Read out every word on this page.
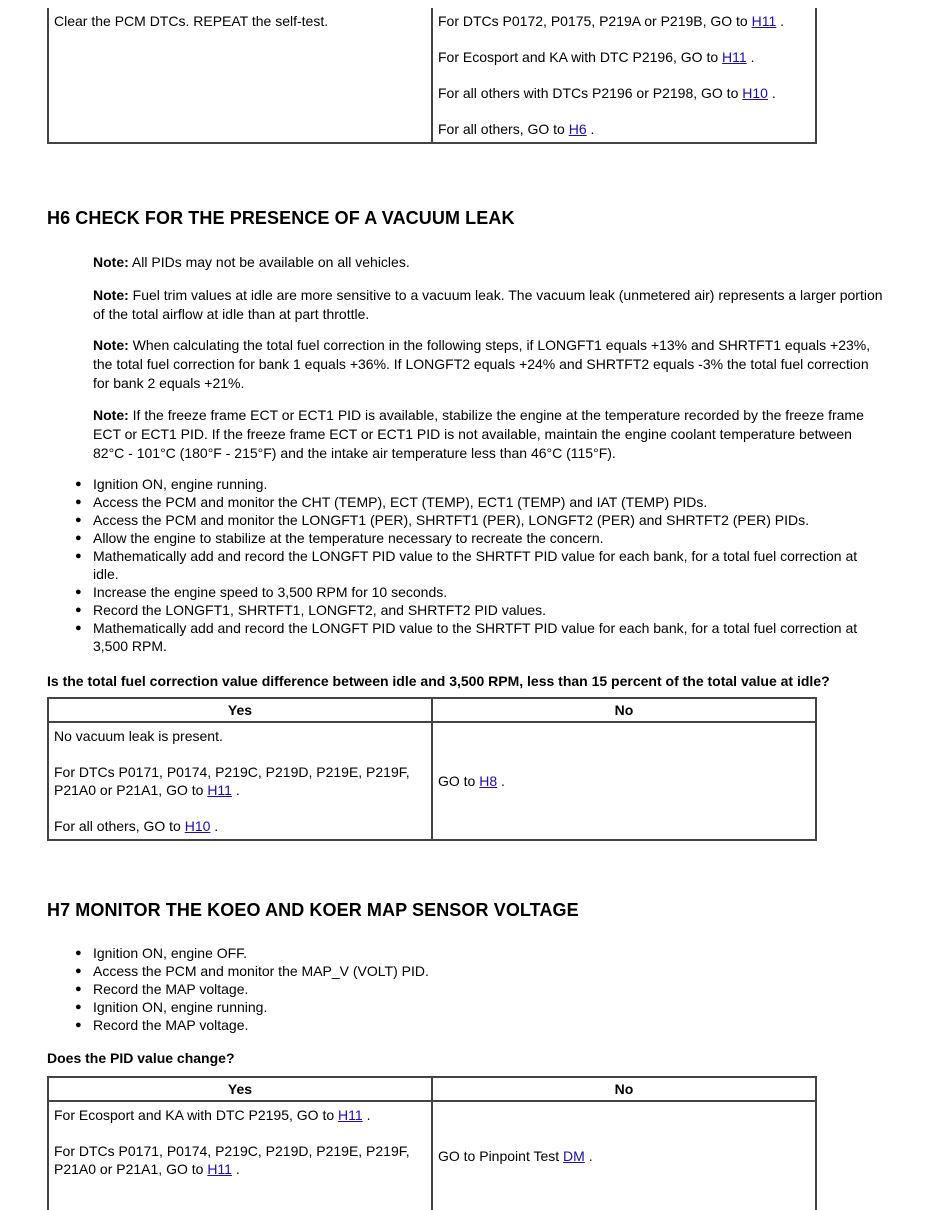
Clear the PCM DTCs. REPEAT the self-test.	For DTCs P0172, P0175, P219A or P219B, GO to H11 .

For Ecosport and KA with DTC P2196, GO to H11 .

For all others with DTCs P2196 or P2198, GO to H10 .

For all others, GO to H6 .

H6 CHECK FOR THE PRESENCE OF A VACUUM LEAK

Note: All PIDs may not be available on all vehicles.

Note: Fuel trim values at idle are more sensitive to a vacuum leak. The vacuum leak (unmetered air) represents a larger portion of the total airflow at idle than at part throttle.

Note: When calculating the total fuel correction in the following steps, if LONGFT1 equals +13% and SHRTFT1 equals +23%, the total fuel correction for bank 1 equals +36%. If LONGFT2 equals +24% and SHRTFT2 equals -3% the total fuel correction for bank 2 equals +21%.

Note: If the freeze frame ECT or ECT1 PID is available, stabilize the engine at the temperature recorded by the freeze frame ECT or ECT1 PID. If the freeze frame ECT or ECT1 PID is not available, maintain the engine coolant temperature between 82°C - 101°C (180°F - 215°F) and the intake air temperature less than 46°C (115°F).

● Ignition ON, engine running.
● Access the PCM and monitor the CHT (TEMP), ECT (TEMP), ECT1 (TEMP) and IAT (TEMP) PIDs.
● Access the PCM and monitor the LONGFT1 (PER), SHRTFT1 (PER), LONGFT2 (PER) and SHRTFT2 (PER) PIDs.
● Allow the engine to stabilize at the temperature necessary to recreate the concern.
● Mathematically add and record the LONGFT PID value to the SHRTFT PID value for each bank, for a total fuel correction at idle.
● Increase the engine speed to 3,500 RPM for 10 seconds.
● Record the LONGFT1, SHRTFT1, LONGFT2, and SHRTFT2 PID values.
● Mathematically add and record the LONGFT PID value to the SHRTFT PID value for each bank, for a total fuel correction at 3,500 RPM.

Is the total fuel correction value difference between idle and 3,500 RPM, less than 15 percent of the total value at idle?

Yes	No

No vacuum leak is present.

For DTCs P0171, P0174, P219C, P219D, P219E, P219F, P21A0 or P21A1, GO to H11 .

For all others, GO to H10 .	GO to H8 .
H7 MONITOR THE KOEO AND KOER MAP SENSOR VOLTAGE
● Ignition ON, engine OFF.
● Access the PCM and monitor the MAP_V (VOLT) PID.
● Record the MAP voltage.
● Ignition ON, engine running.
● Record the MAP voltage.

Does the PID value change?

Yes	No

For Ecosport and KA with DTC P2195, GO to H11 .

For DTCs P0171, P0174, P219C, P219D, P219E, P219F, P21A0 or P21A1, GO to H11 .	GO to Pinpoint Test DM .
